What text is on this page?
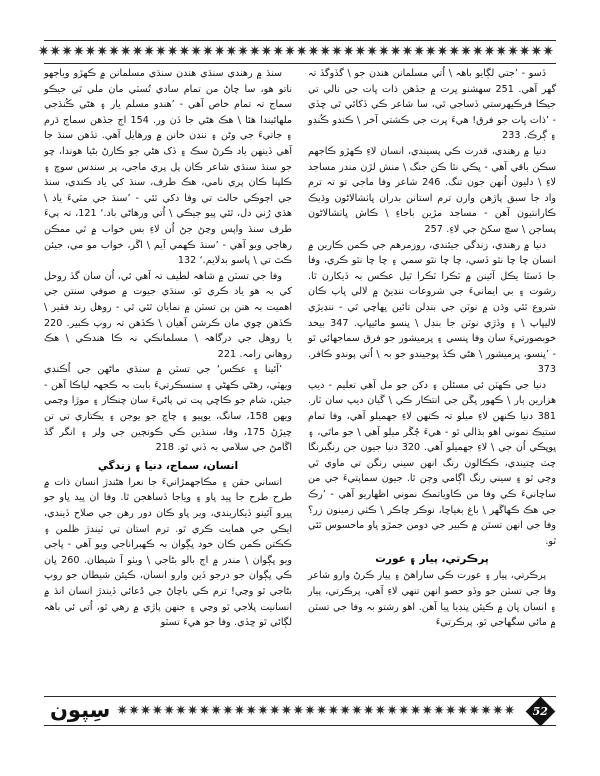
✷
✷
✷
✷
✷
✷
✷
✷
✷
✷
✷
✷
✷
✷
✷
✷
✷
✷
✷
✷
✷
✷
✷
✷
✷
✷
✷
✷
✷
✷
✷
✷
✷
✷
✷
✷
✷
✷
✷
✷
✷
✷
✷
✷

سنڌ ۾ رهندي سنڌي هندن سنڌي مسلمانن ۾ ڪهڙو وياجهو ناتو هو، سا چاڻ من تمام سادي تُسٽي مان ملي ٿي جيڪو سماج تہ تمام خاص آهي - ’هندو مسلم يار ۽ هڻي ڪُنڌجي ملهائيندا هئا \ هڪ هڻي جا ڏن ور. 154 اڄ جڏهن سماج ڌرم ۽ جاتيءَ جي وڻن ۽ ننڍن خانن ۾ ورهايل آهي. تڏهن سنڌ جا آهي ڏينهن ياد ڪرڻ سڪ ۽ ڏک هڻي جو ڪارڻ بڻيا هوندا، چو جو سنڌ سنڌي شاعر ڪان پل پري ماجي، پر سندس سوچ ۽ ڪلپنا ڪان پري نامي، هڪ طرف، سنڌ کي ياد ڪندي، سنڌ جي اڄوڪي حالت تي وفا دکي ٿئي - ’سنڌ جي مٽيءَ ياد \ هڌي رُني دل، ٿئي پيو جيڪي \ اُتي ورهاڻي باد.‘ 121، تہ ٻيءَ طرف سنڌ واپس وڃڻ جڻ اُن لاءِ بس خواب ۾ ٿي ممڪن رهاجي ويو آهي - ’سنڌ ڪهمي آيم \ اڱر، خواب مو مي، جيئن ڪٿ تي \ پاسو بدلايم.‘ 132

وفا جي تسٽن ۾ شاهہ لطيف تہ آهي ئي، اُن سان گڏ روحل کي بہ هو ياد ڪري ٿو. سنڌي جيوت ۾ صوفي سنتن جي اهميت بہ هنن ٻن تسٽن ۾ نمايان ٿئي ٿي - روهل رند فقير \ ڪڏهن چوي مان ڪرشن آهيان \ ڪڏهن تہ روپ ڪبير. 220 يا روهل جي درگاهہ \ مسلمانڪي نہ ڪا هندڪي \ هڪ روهاني رامہ. 221

’آئينا ۽ عڪس‘ جي تسٽن ۾ سنڌي ماڻهن جي اُڪنڊي ويهٽي، رهڻي ڪهڻي ۽ سنسڪرتيءَ بابت بہ ڪجهہ لياڪا آهن - جيئن، شام جو ڪاڇي پت تي پاڻيءَ سان چنڪار ۽ موڙا وڄمي ويهن 158، سانگ، يوپيو ۽ چاچ جو يوجن ۽ يڪتاري تي تن چيڙڻ 175، وفا، سنڌين ڪي ڪونڄين جي ولر ۽ انگر گڏ اڱامڻ جي سلامي بہ ڏني ٿو. 218

انسان، سماج، دنيا ۽ زندگي

انساني حقن ۽ مڪاجهمڙانيءَ جا نعرا هڻندڙ انسان ذات ۾ طرح طرح جا ڀيد ڀاو ۽ وياجا ڏساهجن ٿا. وفا ان ڀيد ڀاو جو ڀيرو آئينو ڏيکاريندي، وير ڀاو ڪان دور رهن جي صلاح ڏيندي، ايڪي جي همايت ڪري ٿو. ترم استان تي ٽيندڙ ظلمن ۽ ڪڪتن ڪمن ڪان خود ڀڳوان بہ ڪهبراناجي ويو آهي - ڀاجي ويو ڀڳوان \ مندر ۾ اڄ بالو بڻاجي \ ويٺو آ شيطان. 260 ڀان ڪي ڀڳوان جو درجو ڏين وارو انسان، ڪيئن شيطان جو روپ بڻاجي ٿو وڃي! ترم ڪي باچاڻ جي دُعائي ڏيندڙ انسان انڌ ۾ انسانيت ڀلاجي ٿو وڃي ۽ جنهن پاڙي ۾ رهي ٿو، اُتي ئي باهہ لڳائي ٿو ڇڏي. وفا جو هيءَ تسٽو

ڏسو - ’جتي لڳايو باهہ \ اُتي مسلمانن هندن جو \ گڏوگڏ تہ گهر آهي. 251 سهشنو ڀرت ۾ جڏهن ذات ڀات جي نالي تي جيڪا فرڪيهرستي ڏساجي ٿي، سا شاعر ڪي ڏکائي ٿي ڇڏي - ’ذات ڀات جو فرق! هيءَ ڀرت جي ڪشتي آخر \ ڪندو ڪُنڊو ۽ ڳرڪ. 233

دنيا ۾ رهندي، قدرت ڪي پسيندي، انسان لاءِ ڪهڙو ڪاجهم سڪن باقي آهي - ڀڪي نٿا ڪن جنگ \ منش لڙن مندر مساجد لاءِ \ دليون اُنهن جون تنگ. 246 شاعر وفا ماجي تو تہ ترم واد جا سبق پاڙهن وارن ترم استانن بدران ڀاٺشالاڻون وڌيڪ ڪارانتيون آهن - مساجد مڙين باجاءِ \ ڪاش ڀاٺشالاڻون پساجن \ سچ سکڻ جي لاءِ. 257

دنيا ۾ رهندي، زندگي جيئندي، روزمرهم جي ڪمن ڪارين ۾ انسان چا چا نٿو ڏسي، چا چا نٿو سمي ۽ چا چا نٿو ڪري، وفا جا ڏسٽا يڪل آئينن ۾ ٽڪرا ٽڪرا ٿيل عڪس بہ ڏيکارن ٿا. رشوت ۽ بي ايمانيءَ جي شروعات ننڍيڻ ۾ لالي ڀاپ ڪان شروع ٿئي وڌن ۾ نوٽن جي بنڊلن تائين ڀهاچي ٿي - ننڍيڙي لاليڀاپ \ ۽ وڏڙي نوٽن جا بنڊل \ ڀنسو مائيڀاپ. 347 بيحد خوبصورتيءَ سان وفا ڀنسي ۽ ڀرميشور جو فرق سماجهائي ٿو - ’ڀنسو، ڀرميشور \ هڻي ڪڏ پوجيندو جو بہ \ اُتي پوندو ڪافر. 373

دنيا جي ڪهٽن ئي مسئلن ۽ دکن جو مل آهي تعليم - ديپ هزارين ٻار \ ڪهور ڀڱن جي انتڪار ڪي \ ڱيان ديپ سان ٽار. 381 دنيا ڪنهن لاءِ ميلو تہ ڪنهن لاءِ جهميلو آهي، وفا تمام ستيڪ نموني اهو ٻڌالي ٿو - هيءَ ڄُڱر ميلو آهي \ جو ماٿي، ۽ ڀوڀڪي اُن جي \ لاءِ جهميلو آهي. 320 دنيا جيون جن رنگبرنگا چٽ چتيندي، ڪڪالون رنگ انهن سيني رنگن تي ماوي ٿي وڄي ٿو ۽ سيني رنگ اڳامي وڄن ٿا. جيون سماپتيءَ جي من ساچانيءَ ڪي وفا من ڪاوياتمڪ نموني اظهاريو آهي - ’رڪ جي هڪ ڪهاڱهر \ باغ بغياچا، نوڪر چاڪر \ ڪٺي زمينون زر؟ وفا جي انهن تسٽن ۾ ڪبير جي دومن جمڙو ڀاو ماحسوس ٿئي ٿو.

پرڪرتي، پيار ۽ عورت

پرڪرتي، پيار ۽ عورت ڪي ساراهڻ ۽ پيار ڪرڻ وارو شاعر وفا جي تسٽن جو وڏو حصو انهن تنهي لاءِ آهي، پرڪرتي، پيار ۽ انسان ڀان ۾ ڪيئن ڀنڊيا ڀيا آهن. اهو رشتو بہ وفا جي تسٽن ۾ مائي سگهاجي ٿو. پرڪرتيءَ

سِپون	✷
✷
✷
✷
✷
✷
✷
✷
✷
✷
✷
✷
✷
✷
✷
✷
✷
✷
✷
✷
✷
✷
✷
✷
✷
✷
✷
✷
✷
✷
✷
✷
✷
✷	52
